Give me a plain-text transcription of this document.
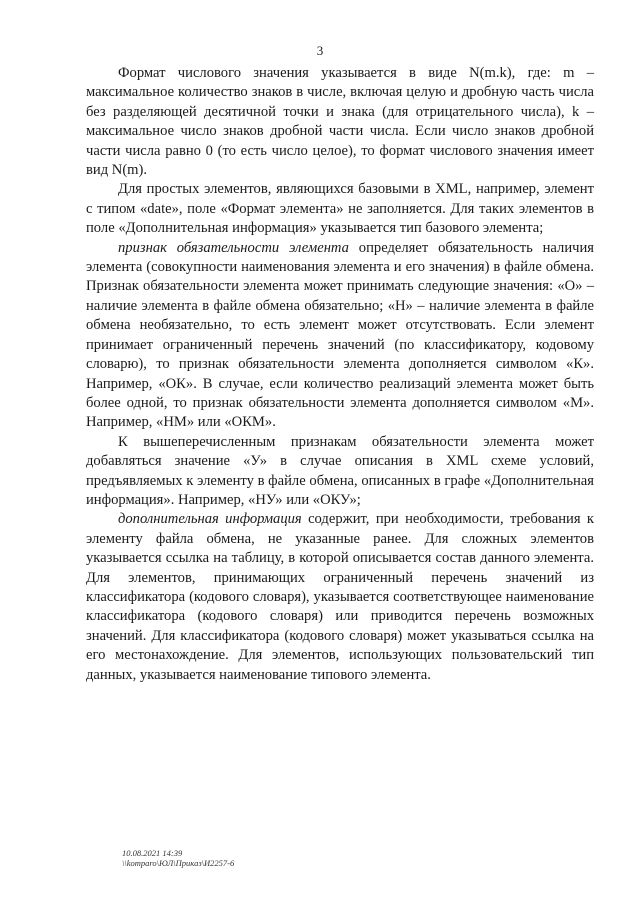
3

Формат числового значения указывается в виде N(m.k), где: m – максимальное количество знаков в числе, включая целую и дробную часть числа без разделяющей десятичной точки и знака (для отрицательного числа), k – максимальное число знаков дробной части числа. Если число знаков дробной части числа равно 0 (то есть число целое), то формат числового значения имеет вид N(m).

Для простых элементов, являющихся базовыми в XML, например, элемент с типом «date», поле «Формат элемента» не заполняется. Для таких элементов в поле «Дополнительная информация» указывается тип базового элемента;

признак обязательности элемента определяет обязательность наличия элемента (совокупности наименования элемента и его значения) в файле обмена. Признак обязательности элемента может принимать следующие значения: «О» – наличие элемента в файле обмена обязательно; «Н» – наличие элемента в файле обмена необязательно, то есть элемент может отсутствовать. Если элемент принимает ограниченный перечень значений (по классификатору, кодовому словарю), то признак обязательности элемента дополняется символом «К». Например, «ОК». В случае, если количество реализаций элемента может быть более одной, то признак обязательности элемента дополняется символом «М». Например, «НМ» или «ОКМ».

К вышеперечисленным признакам обязательности элемента может добавляться значение «У» в случае описания в XML схеме условий, предъявляемых к элементу в файле обмена, описанных в графе «Дополнительная информация». Например, «НУ» или «ОКУ»;

дополнительная информация содержит, при необходимости, требования к элементу файла обмена, не указанные ранее. Для сложных элементов указывается ссылка на таблицу, в которой описывается состав данного элемента. Для элементов, принимающих ограниченный перечень значений из классификатора (кодового словаря), указывается соответствующее наименование классификатора (кодового словаря) или приводится перечень возможных значений. Для классификатора (кодового словаря) может указываться ссылка на его местонахождение. Для элементов, использующих пользовательский тип данных, указывается наименование типового элемента.

10.08.2021 14:39
\\komparo\ЮЛ\Приказ\И2257-6
